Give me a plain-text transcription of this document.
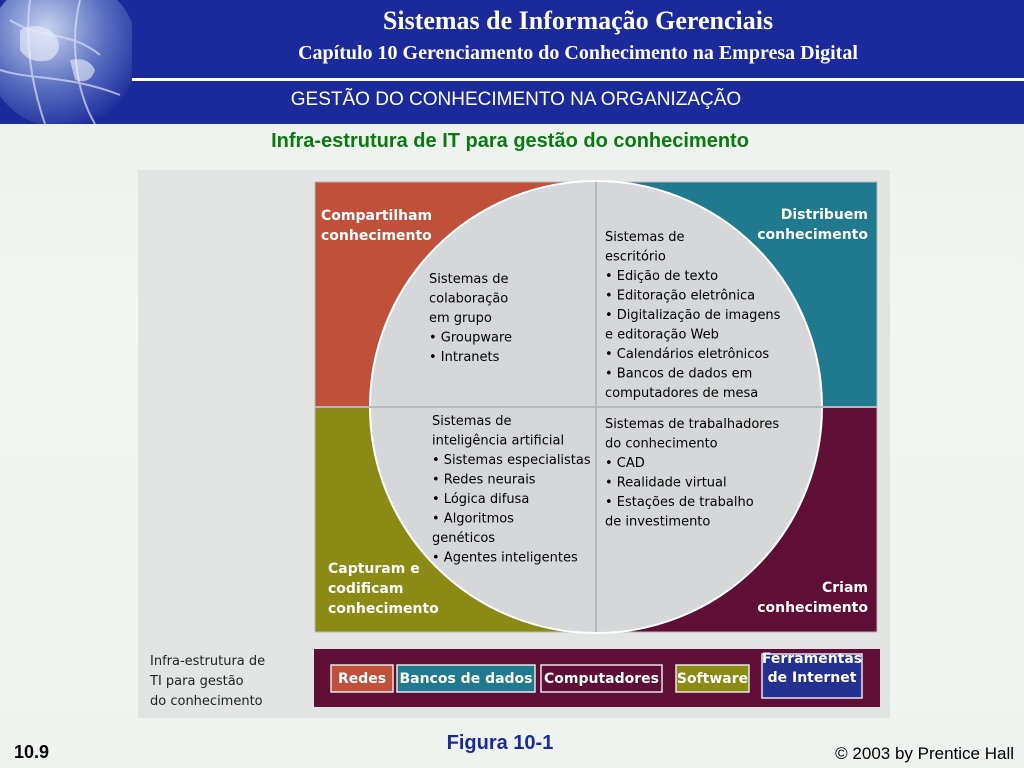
Sistemas de Informação Gerenciais
Capítulo 10 Gerenciamento do Conhecimento na Empresa Digital
GESTÃO DO CONHECIMENTO NA ORGANIZAÇÃO
Infra-estrutura de IT para gestão do conhecimento
Compartilham
conhecimento
Distribuem
conhecimento
Capturam e
codificam
conhecimento
Criam
conhecimento
Sistemas de
colaboração
em grupo
• Groupware
• Intranets
Sistemas de
escritório
• Edição de texto
• Editoração eletrônica
• Digitalização de imagens
e editoração Web
• Calendários eletrônicos
• Bancos de dados em
computadores de mesa
Sistemas de
inteligência artificial
• Sistemas especialistas
• Redes neurais
• Lógica difusa
• Algoritmos
genéticos
• Agentes inteligentes
Sistemas de trabalhadores
do conhecimento
• CAD
• Realidade virtual
• Estações de trabalho
de investimento
Infra-estrutura de
TI para gestão
do conhecimento
Redes Bancos de dados Computadores Software
Ferramentas
de Internet
Figura 10-1
10.9	© 2003 by Prentice Hall
